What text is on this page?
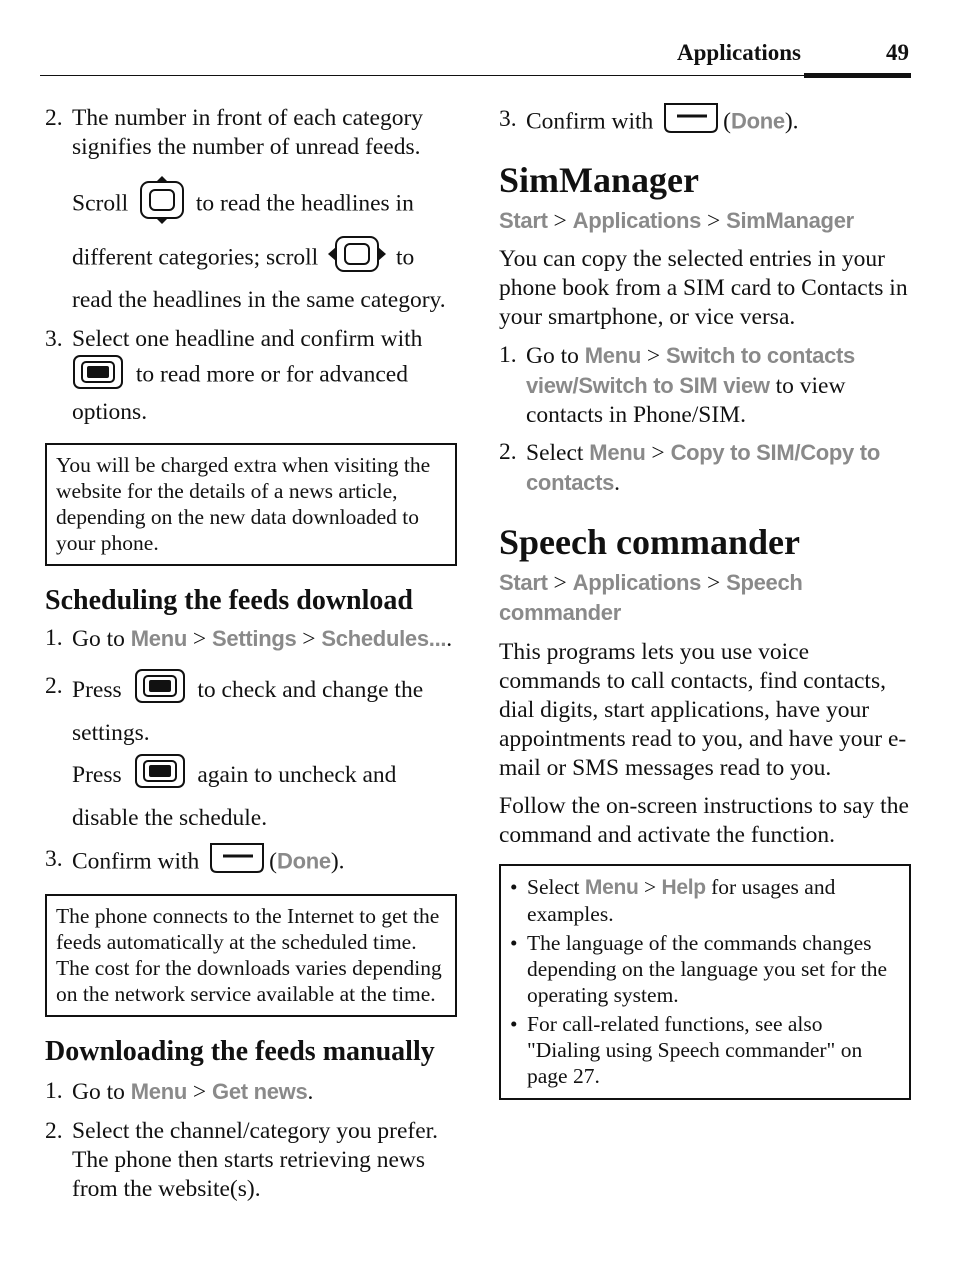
Applications	49
2. The number in front of each category signifies the number of unread feeds.
Scroll	to read the headlines in different categories; scroll	to read the headlines in the same category.
3. Select one headline and confirm with  to read more or for advanced options.
You will be charged extra when visiting the website for the details of a news article, depending on the new data downloaded to your phone.
Scheduling the feeds download
1. Go to Menu > Settings > Schedules....
2. Press	to check and change the settings.
Press	again to uncheck and disable the schedule.
3. Confirm with	(Done).
The phone connects to the Internet to get the feeds automatically at the scheduled time. The cost for the downloads varies depending on the network service available at the time.
Downloading the feeds manually
1. Go to Menu > Get news.
2. Select the channel/category you prefer. The phone then starts retrieving news from the website(s).
3. Confirm with	(Done).
SimManager

Start > Applications > SimManager

You can copy the selected entries in your phone book from a SIM card to Contacts in your smartphone, or vice versa.

1. Go to Menu > Switch to contacts view/Switch to SIM view to view contacts in Phone/SIM.
2. Select Menu > Copy to SIM/Copy to contacts.
Speech commander

Start > Applications > Speech commander

This programs lets you use voice commands to call contacts, find contacts, dial digits, start applications, have your appointments read to you, and have your e-mail or SMS messages read to you.

Follow the on-screen instructions to say the command and activate the function.

• Select Menu > Help for usages and examples.
• The language of the commands changes depending on the language you set for the operating system.
• For call-related functions, see also "Dialing using Speech commander" on page 27.
